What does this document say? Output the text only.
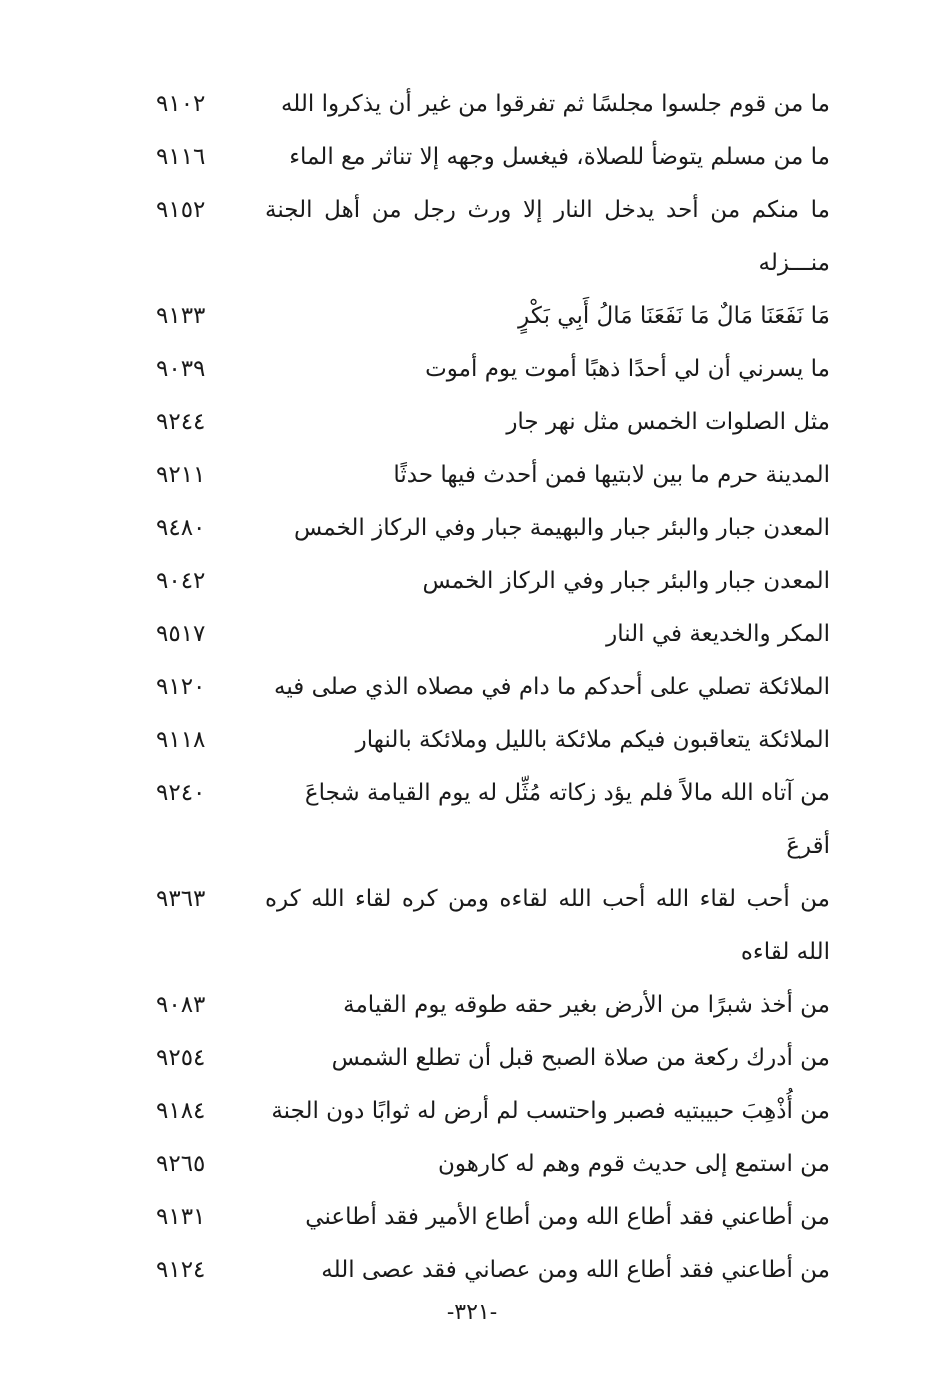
ما من قوم جلسوا مجلسًا ثم تفرقوا من غير أن يذكروا الله
٩١٠٢
ما من مسلم يتوضأ للصلاة، فيغسل وجهه إلا تناثر مع الماء
٩١١٦
ما منكم من أحد يدخل النار إلا ورث رجل من أهل الجنة منـــزله
٩١٥٢
مَا نَفَعَنَا مَالٌ مَا نَفَعَنَا مَالُ أَبِي بَكْرٍ
٩١٣٣
ما يسرني أن لي أحدًا ذهبًا أموت يوم أموت
٩٠٣٩
مثل الصلوات الخمس مثل نهر جار
٩٢٤٤
المدينة حرم ما بين لابتيها فمن أحدث فيها حدثًا
٩٢١١
المعدن جبار والبئر جبار والبهيمة جبار وفي الركاز الخمس
٩٤٨٠
المعدن جبار والبئر جبار وفي الركاز الخمس
٩٠٤٢
المكر والخديعة في النار
٩٥١٧
الملائكة تصلي على أحدكم ما دام في مصلاه الذي صلى فيه
٩١٢٠
الملائكة يتعاقبون فيكم ملائكة بالليل وملائكة بالنهار
٩١١٨
من آتاه الله مالاً فلم يؤد زكاته مُثِّل له يوم القيامة شجاعَ أقرعَ
٩٢٤٠
من أحب لقاء الله أحب الله لقاءه ومن كره لقاء الله كره الله لقاءه
٩٣٦٣
من أخذ شبرًا من الأرض بغير حقه طوقه يوم القيامة
٩٠٨٣
من أدرك ركعة من صلاة الصبح قبل أن تطلع الشمس
٩٢٥٤
من أُذْهِبَ حبيبتيه فصبر واحتسب لم أرض له ثوابًا دون الجنة
٩١٨٤
من استمع إلى حديث قوم وهم له كارهون
٩٢٦٥
من أطاعني فقد أطاع الله ومن أطاع الأمير فقد أطاعني
٩١٣١
من أطاعني فقد أطاع الله ومن عصاني فقد عصى الله
٩١٢٤
-٣٢١-
